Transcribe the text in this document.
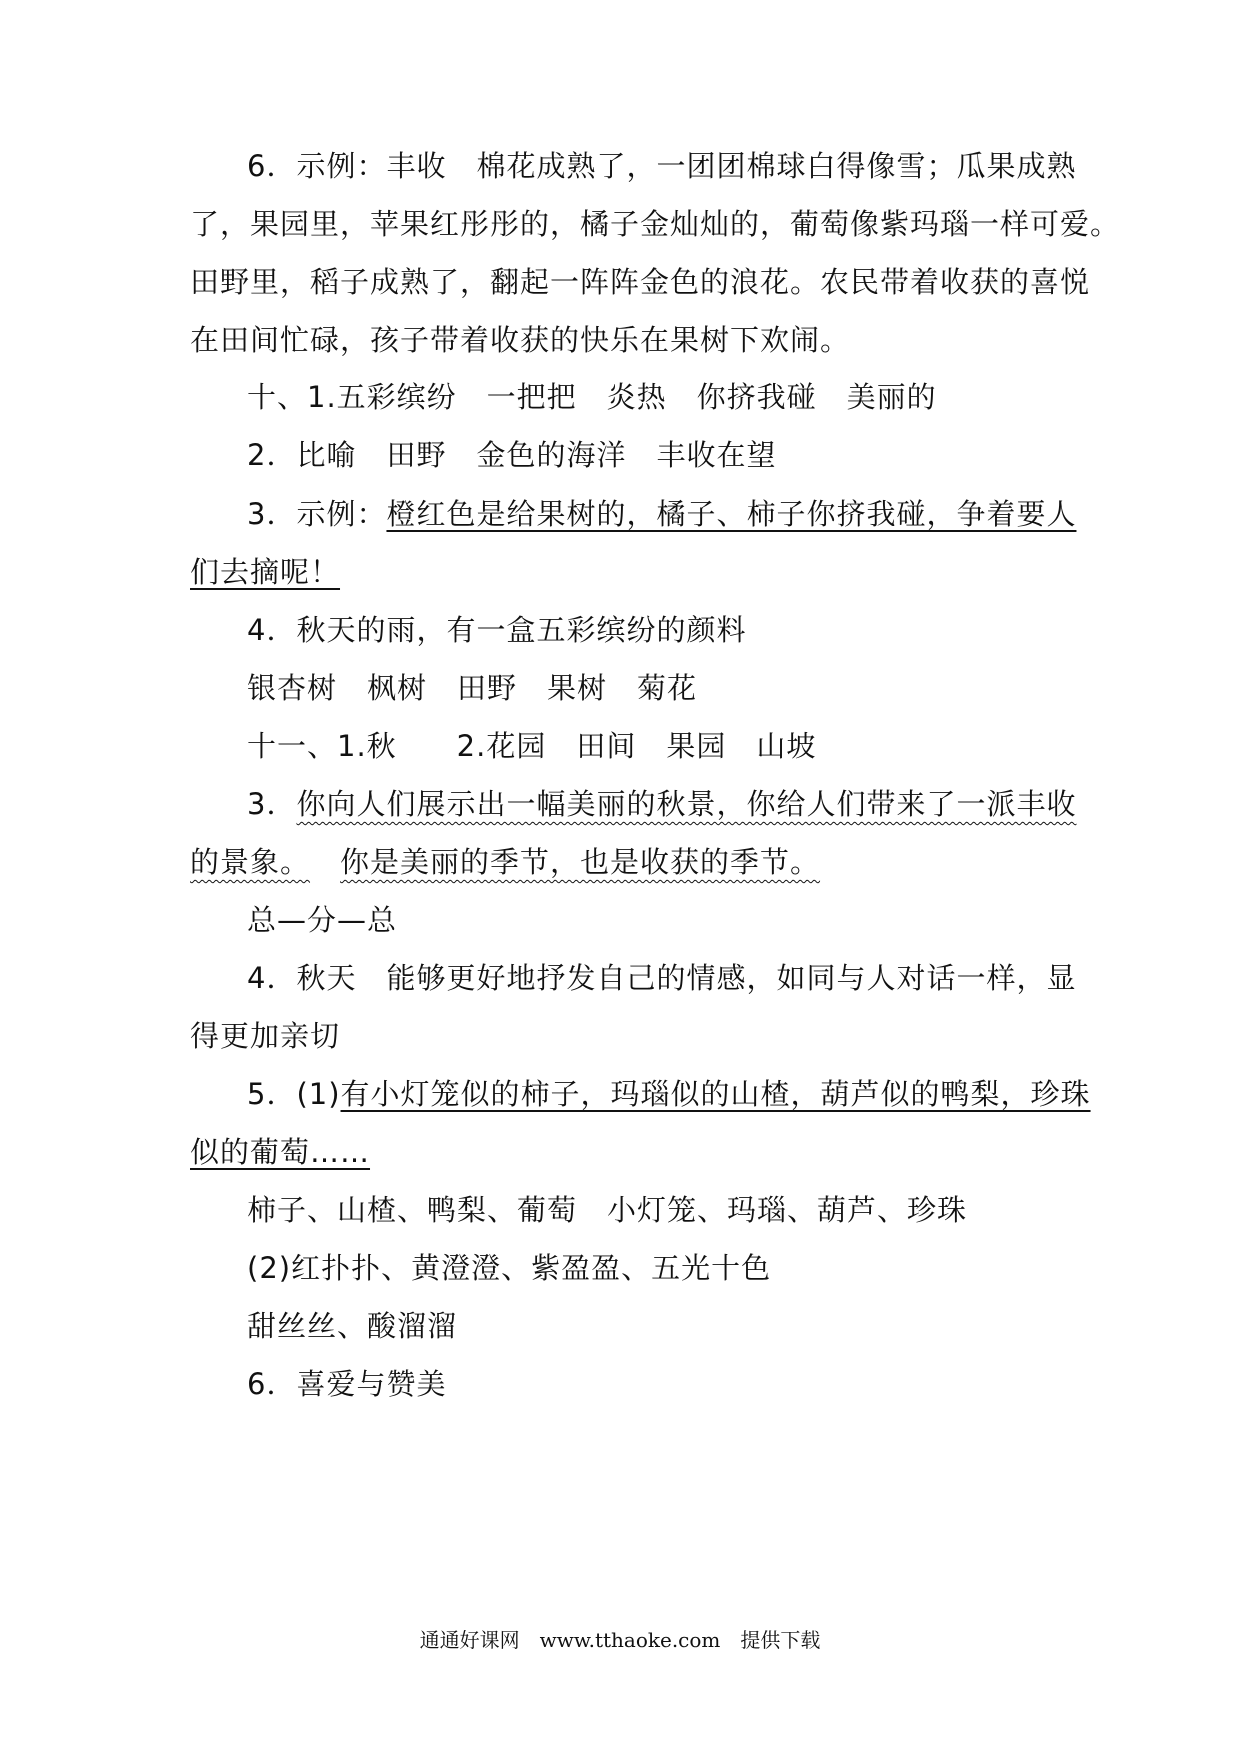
6．示例：丰收　棉花成熟了，一团团棉球白得像雪；瓜果成熟
了，果园里，苹果红彤彤的，橘子金灿灿的，葡萄像紫玛瑙一样可爱。
田野里，稻子成熟了，翻起一阵阵金色的浪花。农民带着收获的喜悦
在田间忙碌，孩子带着收获的快乐在果树下欢闹。
十、1.五彩缤纷　一把把　炎热　你挤我碰　美丽的
2．比喻　田野　金色的海洋　丰收在望
3．示例：橙红色是给果树的，橘子、柿子你挤我碰，争着要人
们去摘呢！
4．秋天的雨，有一盒五彩缤纷的颜料
银杏树　枫树　田野　果树　菊花
十一、1.秋 2.花园　田间　果园　山坡
3．你向人们展示出一幅美丽的秋景，你给人们带来了一派丰收
的景象。 你是美丽的季节，也是收获的季节。
总—分—总
4．秋天　能够更好地抒发自己的情感，如同与人对话一样，显
得更加亲切
5．(1)有小灯笼似的柿子，玛瑙似的山楂，葫芦似的鸭梨，珍珠
似的葡萄……
柿子、山楂、鸭梨、葡萄　小灯笼、玛瑙、葫芦、珍珠
(2)红扑扑、黄澄澄、紫盈盈、五光十色
甜丝丝、酸溜溜
6．喜爱与赞美
通通好课网　www.tthaoke.com　提供下载
